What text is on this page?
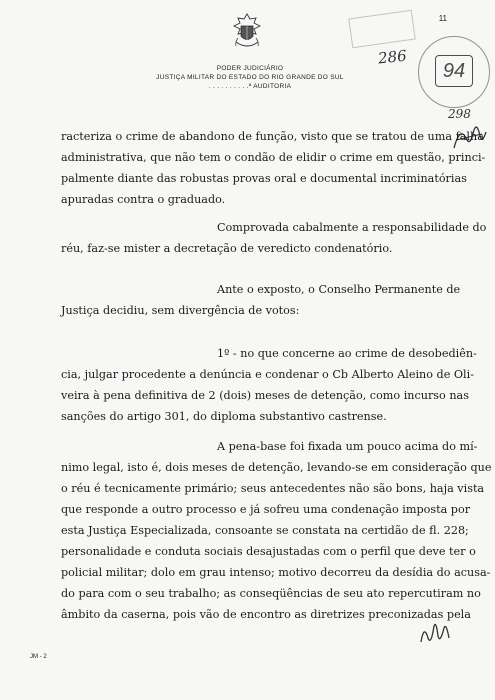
PODER JUDICIÁRIO
JUSTIÇA MILITAR DO ESTADO DO RIO GRANDE DO SUL
. . . . . . . . . .ª AUDITORIA
11
286
94
298
racteriza o crime de abandono de função, visto que se tratou de uma falha
administrativa, que não tem o condão de elidir o crime em questão, princi-
palmente diante das robustas provas oral e documental incriminatórias
apuradas contra o graduado.
Comprovada cabalmente a responsabilidade do
réu, faz-se mister a decretação de veredicto condenatório.
Ante o exposto, o Conselho Permanente de
Justiça decidiu, sem divergência de votos:
1º - no que concerne ao crime de desobediên-
cia, julgar procedente a denúncia e condenar o Cb Alberto Aleino de Oli-
veira à pena definitiva de 2 (dois) meses de detenção, como incurso nas
sanções do artigo 301, do diploma substantivo castrense.
A pena-base foi fixada um pouco acima do mí-
nimo legal, isto é, dois meses de detenção, levando-se em consideração que
o réu é tecnicamente primário; seus antecedentes não são bons, haja vista
que responde a outro processo e já sofreu uma condenação imposta por
esta Justiça Especializada, consoante se constata na certidão de fl. 228;
personalidade e conduta sociais desajustadas com o perfil que deve ter o
policial militar; dolo em grau intenso; motivo decorreu da desídia do acusa-
do para com o seu trabalho; as conseqüências de seu ato repercutiram no
âmbito da caserna, pois vão de encontro as diretrizes preconizadas pela
JM - 2
